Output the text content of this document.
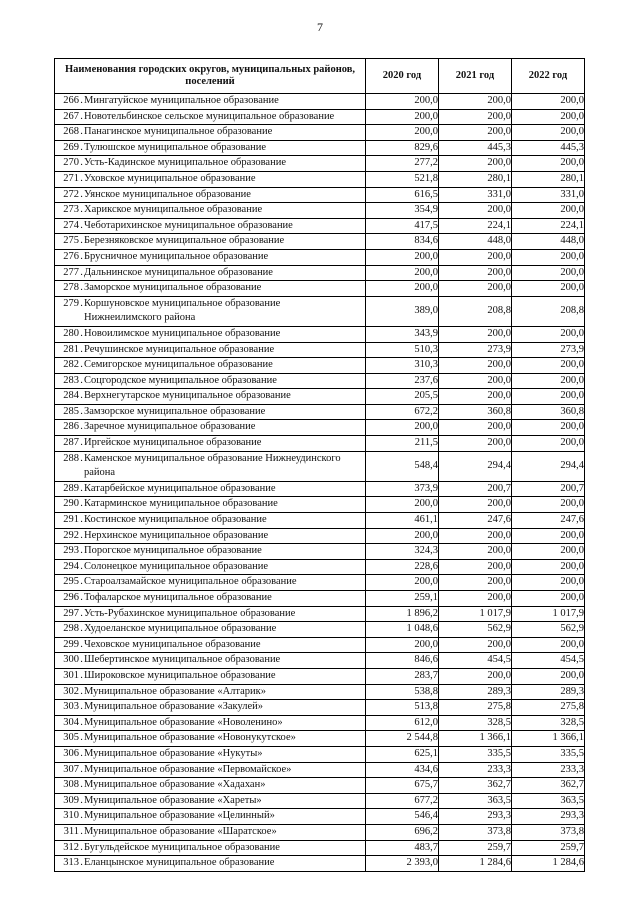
7
Наименования городских округов, муниципальных районов, поселений	2020 год	2021 год	2022 год
266.Мингатуйское муниципальное образование	200,0	200,0	200,0
267.Новотельбинское сельское муниципальное образование	200,0	200,0	200,0
268.Панагинское муниципальное образование	200,0	200,0	200,0
269.Тулюшское муниципальное образование	829,6	445,3	445,3
270.Усть-Кадинское муниципальное образование	277,2	200,0	200,0
271.Уховское муниципальное образование	521,8	280,1	280,1
272.Уянское муниципальное образование	616,5	331,0	331,0
273.Харикское муниципальное образование	354,9	200,0	200,0
274.Чеботарихинское муниципальное образование	417,5	224,1	224,1
275.Березняковское муниципальное образование	834,6	448,0	448,0
276.Брусничное муниципальное образование	200,0	200,0	200,0
277.Дальнинское муниципальное образование	200,0	200,0	200,0
278.Заморское муниципальное образование	200,0	200,0	200,0
279.Коршуновское муниципальное образование Нижнеилимского района	389,0	208,8	208,8
280.Новоилимское муниципальное образование	343,9	200,0	200,0
281.Речушинское муниципальное образование	510,3	273,9	273,9
282.Семигорское муниципальное образование	310,3	200,0	200,0
283.Соцгородское муниципальное образование	237,6	200,0	200,0
284.Верхнегутарское муниципальное образование	205,5	200,0	200,0
285.Замзорское муниципальное образование	672,2	360,8	360,8
286.Заречное муниципальное образование	200,0	200,0	200,0
287.Иргейское муниципальное образование	211,5	200,0	200,0
288.Каменское муниципальное образование Нижнеудинского района	548,4	294,4	294,4
289.Катарбейское муниципальное образование	373,9	200,7	200,7
290.Катарминское муниципальное образование	200,0	200,0	200,0
291.Костинское муниципальное образование	461,1	247,6	247,6
292.Нерхинское муниципальное образование	200,0	200,0	200,0
293.Порогское муниципальное образование	324,3	200,0	200,0
294.Солонецкое муниципальное образование	228,6	200,0	200,0
295.Староалзамайское муниципальное образование	200,0	200,0	200,0
296.Тофаларское муниципальное образование	259,1	200,0	200,0
297.Усть-Рубахинское муниципальное образование	1 896,2	1 017,9	1 017,9
298.Худоеланское муниципальное образование	1 048,6	562,9	562,9
299.Чеховское муниципальное образование	200,0	200,0	200,0
300.Шебертинское муниципальное образование	846,6	454,5	454,5
301.Широковское муниципальное образование	283,7	200,0	200,0
302.Муниципальное образование «Алтарик»	538,8	289,3	289,3
303.Муниципальное образование «Закулей»	513,8	275,8	275,8
304.Муниципальное образование «Новоленино»	612,0	328,5	328,5
305.Муниципальное образование «Новонукутское»	2 544,8	1 366,1	1 366,1
306.Муниципальное образование «Нукуты»	625,1	335,5	335,5
307.Муниципальное образование «Первомайское»	434,6	233,3	233,3
308.Муниципальное образование «Хадахан»	675,7	362,7	362,7
309.Муниципальное образование «Хареты»	677,2	363,5	363,5
310.Муниципальное образование «Целинный»	546,4	293,3	293,3
311.Муниципальное образование «Шаратское»	696,2	373,8	373,8
312.Бугульдейское муниципальное образование	483,7	259,7	259,7
313.Еланцынское муниципальное образование	2 393,0	1 284,6	1 284,6
